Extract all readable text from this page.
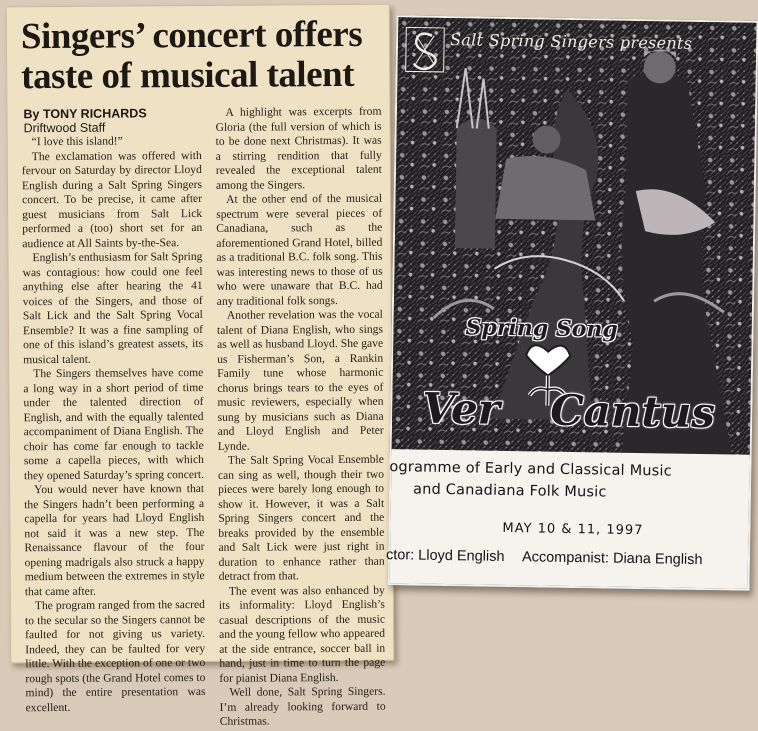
Singers’ concert offers taste of musical talent
By TONY RICHARDS
Driftwood Staff

“I love this island!”

The exclamation was offered with fervour on Saturday by director Lloyd English during a Salt Spring Singers concert. To be precise, it came after guest musicians from Salt Lick performed a (too) short set for an audience at All Saints by-the-Sea.

English’s enthusiasm for Salt Spring was contagious: how could one feel anything else after hearing the 41 voices of the Singers, and those of Salt Lick and the Salt Spring Vocal Ensemble? It was a fine sampling of one of this island’s greatest assets, its musical talent.

The Singers themselves have come a long way in a short period of time under the talented direction of English, and with the equally talented accompaniment of Diana English. The choir has come far enough to tackle some a capella pieces, with which they opened Saturday’s spring concert.

You would never have known that the Singers hadn’t been performing a capella for years had Lloyd English not said it was a new step. The Renaissance flavour of the four opening madrigals also struck a happy medium between the extremes in style that came after.

The program ranged from the sacred to the secular so the Singers cannot be faulted for not giving us variety. Indeed, they can be faulted for very little. With the exception of one or two rough spots (the Grand Hotel comes to mind) the entire presentation was excellent.

A highlight was excerpts from Gloria (the full version of which is to be done next Christmas). It was a stirring rendition that fully revealed the exceptional talent among the Singers.

At the other end of the musical spectrum were several pieces of Canadiana, such as the aforementioned Grand Hotel, billed as a traditional B.C. folk song. This was interesting news to those of us who were unaware that B.C. had any traditional folk songs.

Another revelation was the vocal talent of Diana English, who sings as well as husband Lloyd. She gave us Fisherman’s Son, a Rankin Family tune whose harmonic chorus brings tears to the eyes of music reviewers, especially when sung by musicians such as Diana and Lloyd English and Peter Lynde.

The Salt Spring Vocal Ensemble can sing as well, though their two pieces were barely long enough to show it. However, it was a Salt Spring Singers concert and the breaks provided by the ensemble and Salt Lick were just right in duration to enhance rather than detract from that.

The event was also enhanced by its informality: Lloyd English’s casual descriptions of the music and the young fellow who appeared at the side entrance, soccer ball in hand, just in time to turn the page for pianist Diana English.

Well done, Salt Spring Singers. I’m already looking forward to Christmas.

Salt Spring Singers presents
Spring Song
Ver Cantus
ogramme of Early and Classical Music
and Canadiana Folk Music
MAY 10 & 11, 1997
ctor: Lloyd English Accompanist: Diana English
